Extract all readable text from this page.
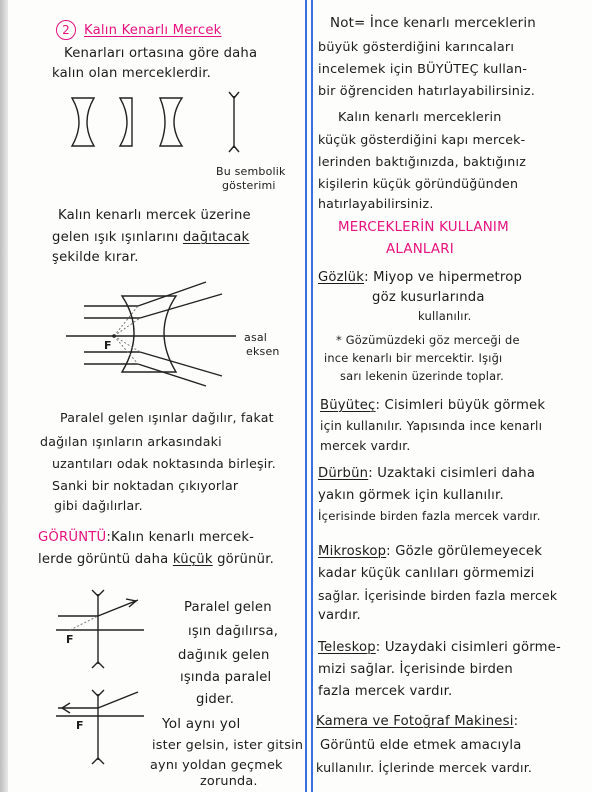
2 Kalın Kenarlı Mercek
Kenarları ortasına göre daha
kalın olan merceklerdir.
Bu sembolik
gösterimi
Kalın kenarlı mercek üzerine
gelen ışık ışınlarını dağıtacak
şekilde kırar.
F
asal
eksen
Paralel gelen ışınlar dağılır, fakat
dağılan ışınların arkasındaki
uzantıları odak noktasında birleşir.
Sanki bir noktadan çıkıyorlar
gibi dağılırlar.
GÖRÜNTÜ:Kalın kenarlı mercek-
lerde görüntü daha küçük görünür.
F
Paralel gelen
ışın dağılırsa,
dağınık gelen
ışında paralel
gider.
F	Yol aynı yol
ister gelsin, ister gitsin
aynı yoldan geçmek
zorunda.
Not= İnce kenarlı merceklerin
büyük gösterdiğini karıncaları
incelemek için BÜYÜTEÇ kullan-
bir öğrenciden hatırlayabilirsiniz.
Kalın kenarlı merceklerin
küçük gösterdiğini kapı mercek-
lerinden baktığınızda, baktığınız
kişilerin küçük göründüğünden
hatırlayabilirsiniz.
MERCEKLERİN KULLANIM
ALANLARI
Gözlük: Miyop ve hipermetrop
göz kusurlarında
kullanılır.
* Gözümüzdeki göz merceği de
ince kenarlı bir mercektir. Işığı
sarı lekenin üzerinde toplar.
Büyüteç: Cisimleri büyük görmek
için kullanılır. Yapısında ince kenarlı
mercek vardır.
Dürbün: Uzaktaki cisimleri daha
yakın görmek için kullanılır.
İçerisinde birden fazla mercek vardır.
Mikroskop: Gözle görülemeyecek
kadar küçük canlıları görmemizi
sağlar. İçerisinde birden fazla mercek
vardır.
Teleskop: Uzaydaki cisimleri görme-
mizi sağlar. İçerisinde birden
fazla mercek vardır.
Kamera ve Fotoğraf Makinesi:
Görüntü elde etmek amacıyla
kullanılır. İçlerinde mercek vardır.
